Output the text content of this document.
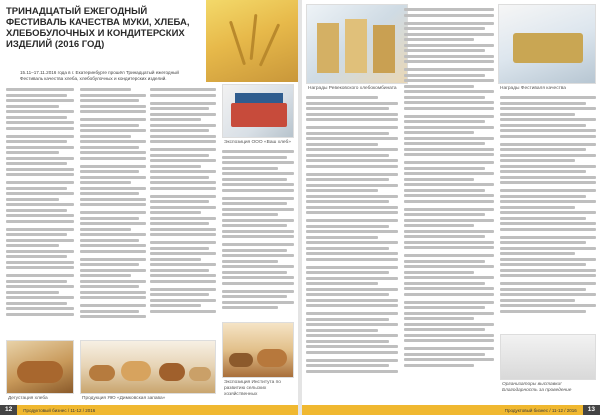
ТРИНАДЦАТЫЙ ЕЖЕГОДНЫЙ ФЕСТИВАЛЬ КАЧЕСТВА МУКИ, ХЛЕБА, ХЛЕБОБУЛОЧНЫХ И КОНДИТЕРСКИХ ИЗДЕЛИЙ (2016 ГОД)
15.11–17.11.2016 года в г. Екатеринбурге прошёл Тринадцатый ежегодный Фестиваль качества хлеба, хлебобулочных и кондитерских изделий.
Экспозиция ООО «Ваш хлеб»
Экспозиция Института по развитию сельских хозяйственных
Дегустация хлеба	Продукция ЯЮ «Димковская запава»
12	Продуктовый бизнес / 11-12 / 2016
Награды Ревековского хлебокомбината	Награды Фестиваля качества
Организаторы выставки! Благодарность за проведение
Продуктовый бизнес / 11-12 / 2016	13
